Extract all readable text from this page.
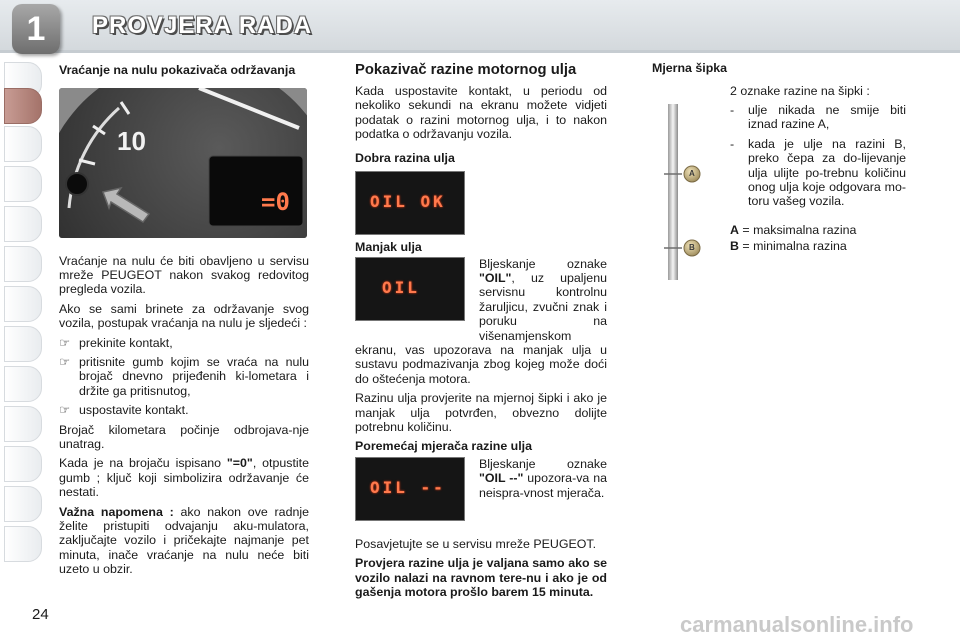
1	PROVJERA RADA
Vraćanje na nulu pokazivača održavanja
10
=0

Vraćanje na nulu će biti obavljeno u servisu mreže PEUGEOT nakon svakog redovitog pregleda vozila.

Ako se sami brinete za održavanje svog vozila, postupak vraćanja na nulu je sljedeći :

☞ prekinite kontakt,
☞ pritisnite gumb kojim se vraća na nulu brojač dnevno prijeđenih ki-lometara i držite ga pritisnutog,
☞ uspostavite kontakt.

Brojač kilometara počinje odbrojava-nje unatrag.

Kada je na brojaču ispisano "=0", otpustite gumb ; ključ koji simbolizira održavanje će nestati.

Važna napomena : ako nakon ove radnje želite pristupiti odvajanju aku-mulatora, zaključajte vozilo i pričekajte najmanje pet minuta, inače vraćanje na nulu neće biti uzeto u obzir.

Pokazivač razine motornog ulja

Kada uspostavite kontakt, u periodu od nekoliko sekundi na ekranu možete vidjeti podatak o razini motornog ulja, i to nakon podatka o održavanju vozila.

Dobra razina ulja
OIL OK
Manjak ulja
OIL

Bljeskanje oznake "OIL", uz upaljenu servisnu kontrolnu žaruljicu, zvučni znak i poruku na višenamjenskom

ekranu, vas upozorava na manjak ulja u sustavu podmazivanja zbog kojeg može doći do oštećenja motora.

Razinu ulja provjerite na mjernoj šipki i ako je manjak ulja potvrđen, obvezno dolijte potrebnu količinu.

Poremećaj mjerača razine ulja
OIL --

Bljeskanje oznake "OIL --" upozora-va na neispra-vnost mjerača.

Posavjetujte se u servisu mreže PEUGEOT.

Provjera razine ulja je valjana samo ako se vozilo nalazi na ravnom tere-nu i ako je od gašenja motora prošlo barem 15 minuta.

Mjerna šipka
A
B

2 oznake razine na šipki :

-	ulje nikada ne smije biti iznad razine A,
-	kada je ulje na razini B, preko čepa za do-lijevanje ulja ulijte po-trebnu količinu onog ulja koje odgovara mo-toru vašeg vozila.

A = maksimalna razina

B = minimalna razina

24	carmanualsonline.info
